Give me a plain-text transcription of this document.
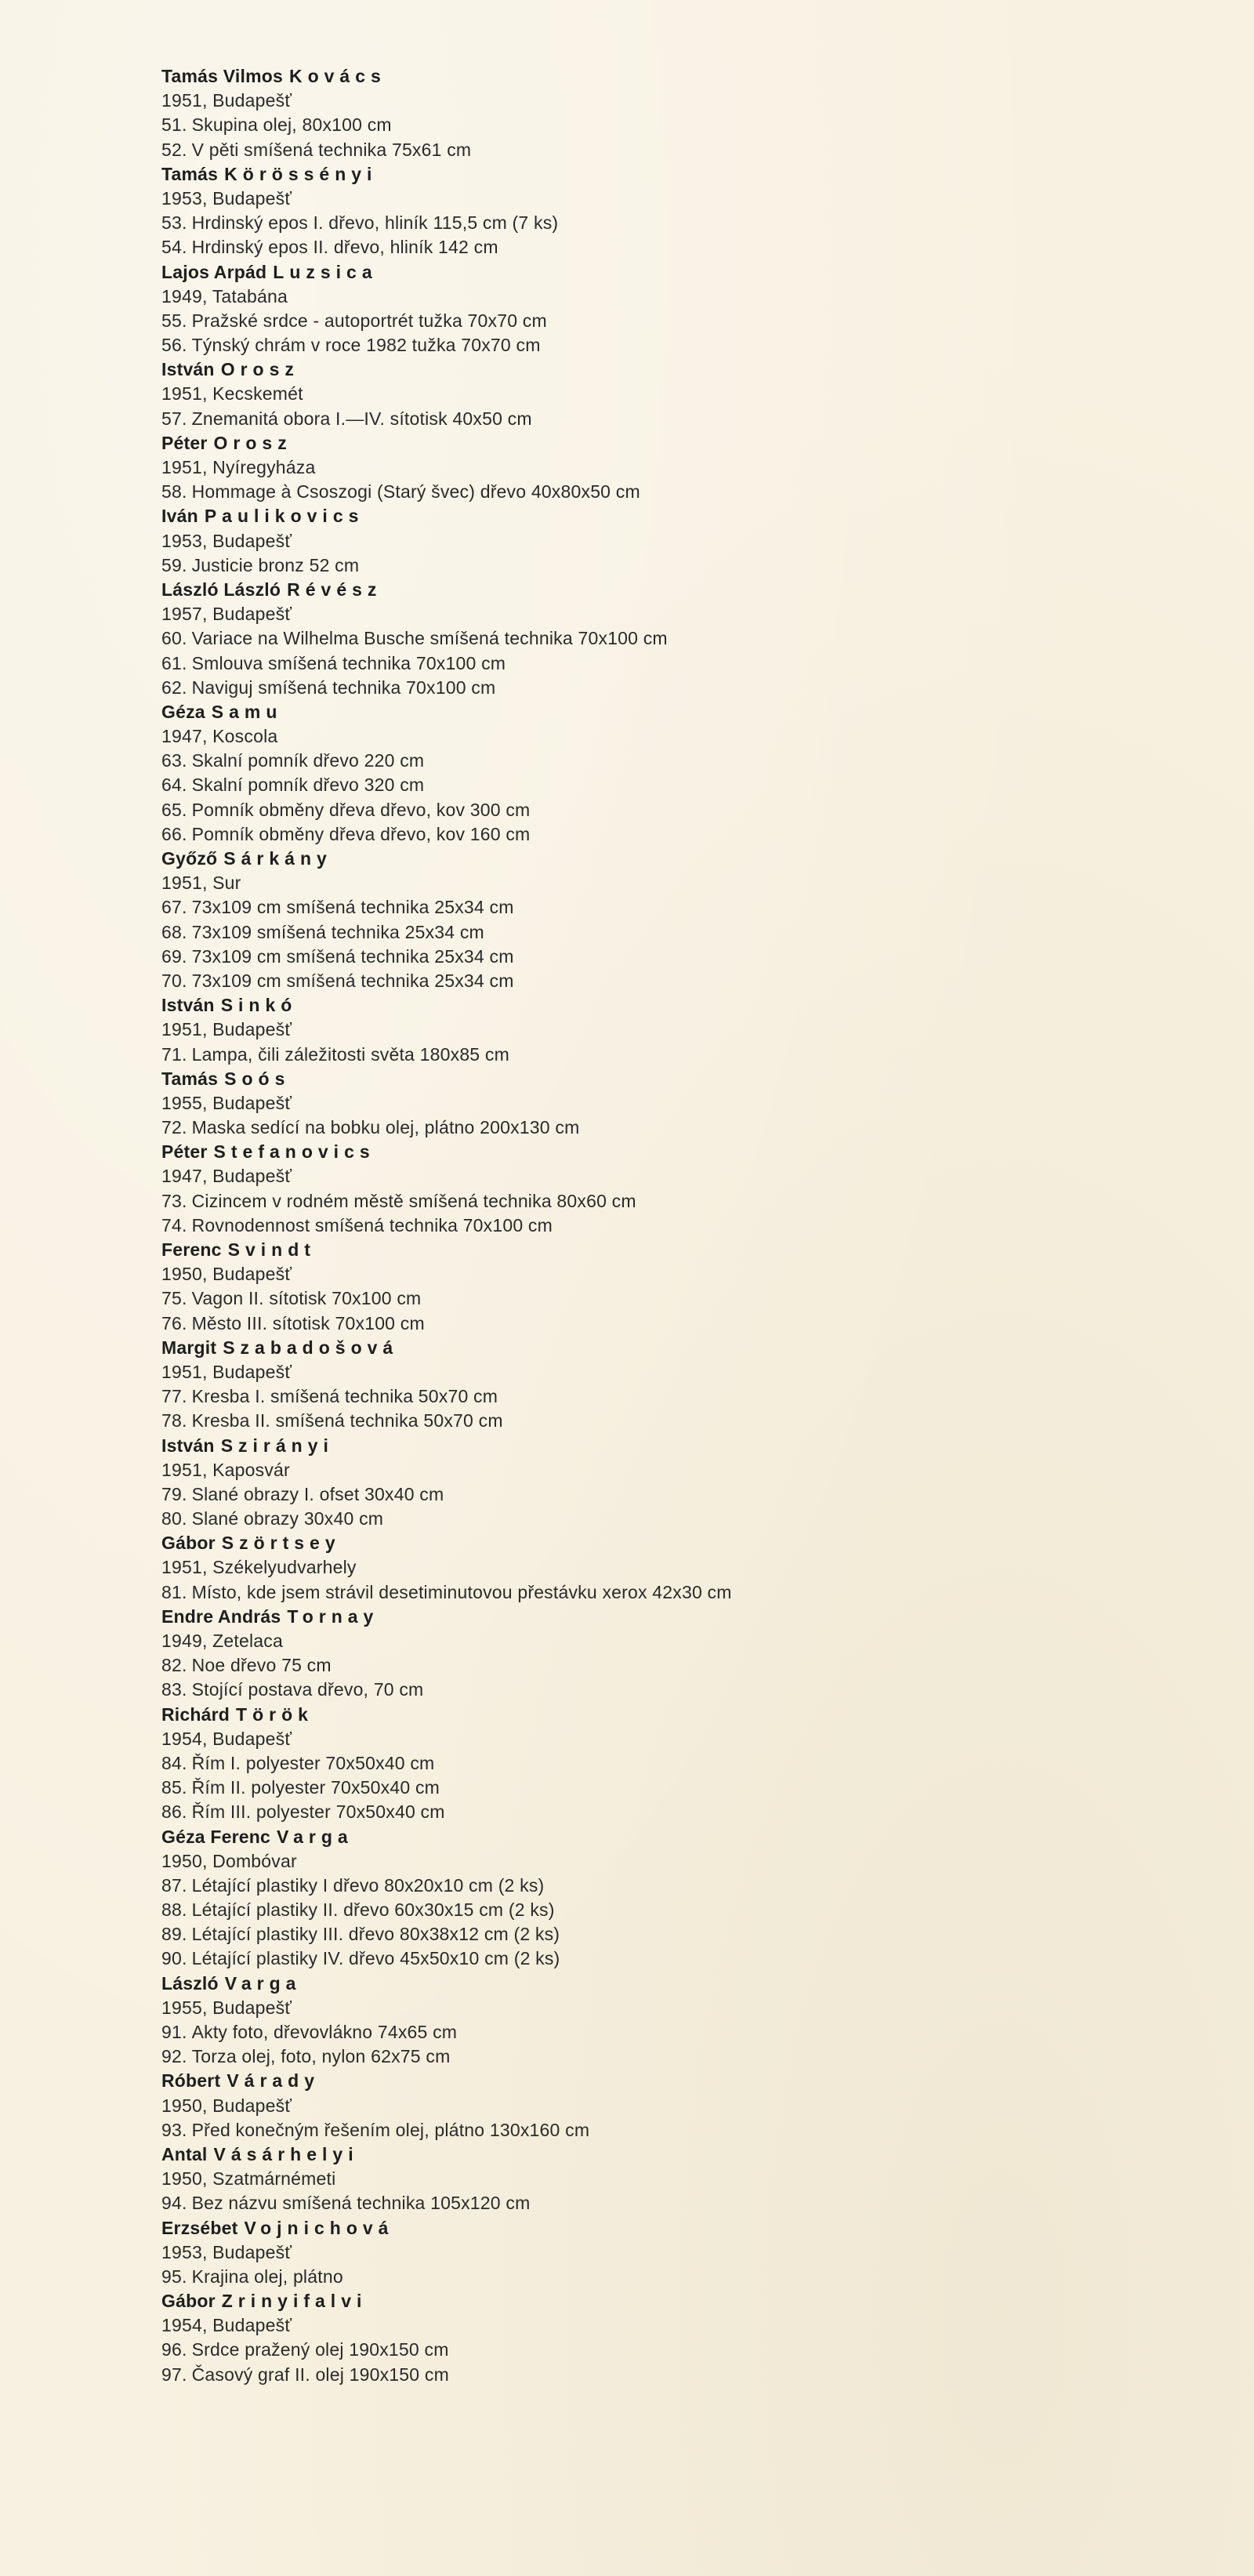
Tamás Vilmos Kovács
1951, Budapešť
51. Skupina olej, 80x100 cm
52. V pěti smíšená technika 75x61 cm
Tamás Körössényi
1953, Budapešť
53. Hrdinský epos I. dřevo, hliník 115,5 cm (7 ks)
54. Hrdinský epos II. dřevo, hliník 142 cm
Lajos Arpád Luzsica
1949, Tatabána
55. Pražské srdce - autoportrét tužka 70x70 cm
56. Týnský chrám v roce 1982 tužka 70x70 cm
István Orosz
1951, Kecskemét
57. Znemanitá obora I.—IV. sítotisk 40x50 cm
Péter Orosz
1951, Nyíregyháza
58. Hommage à Csoszogi (Starý švec) dřevo 40x80x50 cm
Iván Paulikovics
1953, Budapešť
59. Justicie bronz 52 cm
László László Révész
1957, Budapešť
60. Variace na Wilhelma Busche smíšená technika 70x100 cm
61. Smlouva smíšená technika 70x100 cm
62. Naviguj smíšená technika 70x100 cm
Géza Samu
1947, Koscola
63. Skalní pomník dřevo 220 cm
64. Skalní pomník dřevo 320 cm
65. Pomník obměny dřeva dřevo, kov 300 cm
66. Pomník obměny dřeva dřevo, kov 160 cm
Győző Sárkány
1951, Sur
67. 73x109 cm smíšená technika 25x34 cm
68. 73x109 smíšená technika 25x34 cm
69. 73x109 cm smíšená technika 25x34 cm
70. 73x109 cm smíšená technika 25x34 cm
István Sinkó
1951, Budapešť
71. Lampa, čili záležitosti světa 180x85 cm
Tamás Soós
1955, Budapešť
72. Maska sedící na bobku olej, plátno 200x130 cm
Péter Stefanovics
1947, Budapešť
73. Cizincem v rodném městě smíšená technika 80x60 cm
74. Rovnodennost smíšená technika 70x100 cm
Ferenc Svindt
1950, Budapešť
75. Vagon II. sítotisk 70x100 cm
76. Město III. sítotisk 70x100 cm
Margit Szabadošová
1951, Budapešť
77. Kresba I. smíšená technika 50x70 cm
78. Kresba II. smíšená technika 50x70 cm
István Szirányi
1951, Kaposvár
79. Slané obrazy I. ofset 30x40 cm
80. Slané obrazy 30x40 cm
Gábor Szörtsey
1951, Székelyudvarhely
81. Místo, kde jsem strávil desetiminutovou přestávku xerox 42x30 cm
Endre András Tornay
1949, Zetelaca
82. Noe dřevo 75 cm
83. Stojící postava dřevo, 70 cm
Richárd Török
1954, Budapešť
84. Řím I. polyester 70x50x40 cm
85. Řím II. polyester 70x50x40 cm
86. Řím III. polyester 70x50x40 cm
Géza Ferenc Varga
1950, Dombóvar
87. Létající plastiky I dřevo 80x20x10 cm (2 ks)
88. Létající plastiky II. dřevo 60x30x15 cm (2 ks)
89. Létající plastiky III. dřevo 80x38x12 cm (2 ks)
90. Létající plastiky IV. dřevo 45x50x10 cm (2 ks)
László Varga
1955, Budapešť
91. Akty foto, dřevovlákno 74x65 cm
92. Torza olej, foto, nylon 62x75 cm
Róbert Várady
1950, Budapešť
93. Před konečným řešením olej, plátno 130x160 cm
Antal Vásárhelyi
1950, Szatmárnémeti
94. Bez názvu smíšená technika 105x120 cm
Erzsébet Vojnichová
1953, Budapešť
95. Krajina olej, plátno
Gábor Zrinyifalvi
1954, Budapešť
96. Srdce pražený olej 190x150 cm
97. Časový graf II. olej 190x150 cm
